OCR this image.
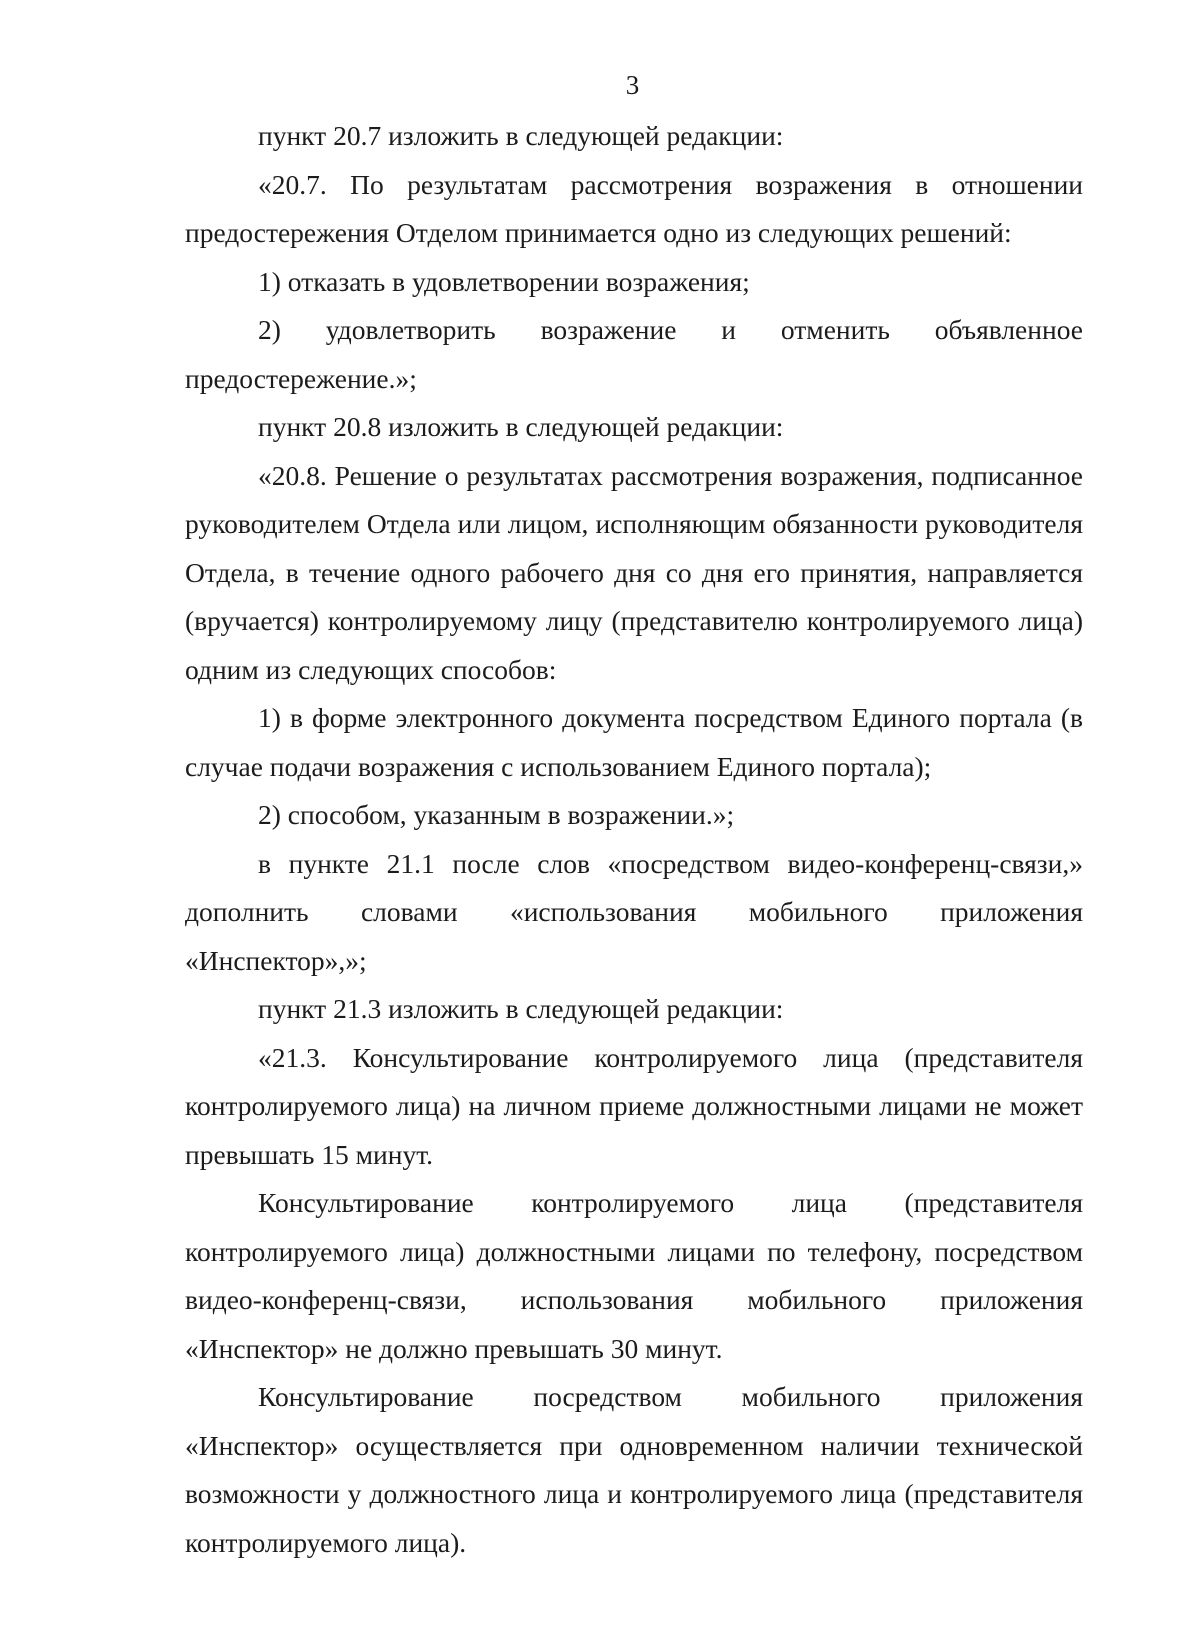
3

пункт 20.7 изложить в следующей редакции:

«20.7. По результатам рассмотрения возражения в отношении предостережения Отделом принимается одно из следующих решений:

1) отказать в удовлетворении возражения;

2) удовлетворить возражение и отменить объявленное предостережение.»;

пункт 20.8 изложить в следующей редакции:

«20.8. Решение о результатах рассмотрения возражения, подписанное руководителем Отдела или лицом, исполняющим обязанности руководителя Отдела, в течение одного рабочего дня со дня его принятия, направляется (вручается) контролируемому лицу (представителю контролируемого лица) одним из следующих способов:

1) в форме электронного документа посредством Единого портала (в случае подачи возражения с использованием Единого портала);

2) способом, указанным в возражении.»;

в пункте 21.1 после слов «посредством видео-конференц-связи,» дополнить словами «использования мобильного приложения «Инспектор»,»;

пункт 21.3 изложить в следующей редакции:

«21.3. Консультирование контролируемого лица (представителя контролируемого лица) на личном приеме должностными лицами не может превышать 15 минут.

Консультирование контролируемого лица (представителя контролируемого лица) должностными лицами по телефону, посредством видео-конференц-связи, использования мобильного приложения «Инспектор» не должно превышать 30 минут.

Консультирование посредством мобильного приложения «Инспектор» осуществляется при одновременном наличии технической возможности у должностного лица и контролируемого лица (представителя контролируемого лица).
